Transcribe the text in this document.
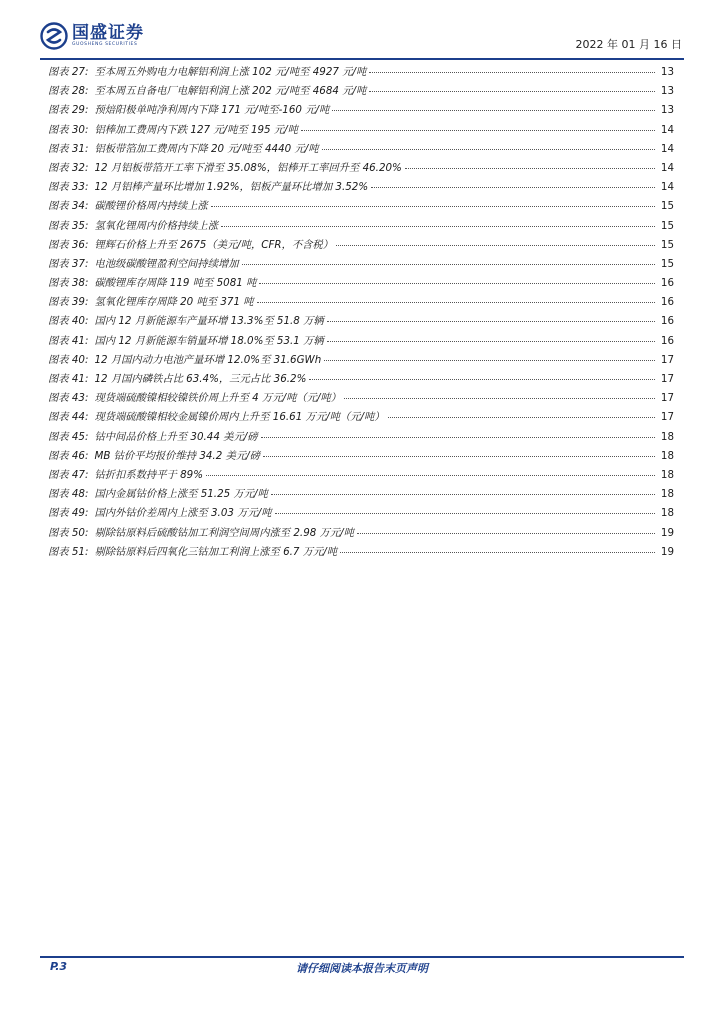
国盛证券
GUOSHENG SECURITIES	2022 年 01 月 16 日
图表 27: 至本周五外购电力电解铝利润上涨 102 元/吨至 4927 元/吨	13
图表 28: 至本周五自备电厂电解铝利润上涨 202 元/吨至 4684 元/吨	13
图表 29: 预焙阳极单吨净利周内下降 171 元/吨至-160 元/吨	13
图表 30: 铝棒加工费周内下跌 127 元/吨至 195 元/吨	14
图表 31: 铝板带箔加工费周内下降 20 元/吨至 4440 元/吨	14
图表 32: 12 月铝板带箔开工率下滑至 35.08%，铝棒开工率回升至 46.20%	14
图表 33: 12 月铝棒产量环比增加 1.92%，铝板产量环比增加 3.52%	14
图表 34: 碳酸锂价格周内持续上涨	15
图表 35: 氢氧化锂周内价格持续上涨	15
图表 36: 锂辉石价格上升至 2675（美元/吨，CFR，不含税）	15
图表 37: 电池级碳酸锂盈利空间持续增加	15
图表 38: 碳酸锂库存周降 119 吨至 5081 吨	16
图表 39: 氢氧化锂库存周降 20 吨至 371 吨	16
图表 40: 国内 12 月新能源车产量环增 13.3%至 51.8 万辆	16
图表 41: 国内 12 月新能源车销量环增 18.0%至 53.1 万辆	16
图表 40: 12 月国内动力电池产量环增 12.0%至 31.6GWh	17
图表 41: 12 月国内磷铁占比 63.4%，三元占比 36.2%	17
图表 43: 现货端硫酸镍相较镍铁价周上升至 4 万元/吨（元/吨）	17
图表 44: 现货端硫酸镍相较金属镍价周内上升至 16.61 万元/吨（元/吨）	17
图表 45: 钴中间品价格上升至 30.44 美元/磅	18
图表 46: MB 钴价平均报价维持 34.2 美元/磅	18
图表 47: 钴折扣系数持平于 89%	18
图表 48: 国内金属钴价格上涨至 51.25 万元/吨	18
图表 49: 国内外钴价差周内上涨至 3.03 万元/吨	18
图表 50: 剔除钴原料后硫酸钴加工利润空间周内涨至 2.98 万元/吨	19
图表 51: 剔除钴原料后四氧化三钴加工利润上涨至 6.7 万元/吨	19
P.3	请仔细阅读本报告末页声明
